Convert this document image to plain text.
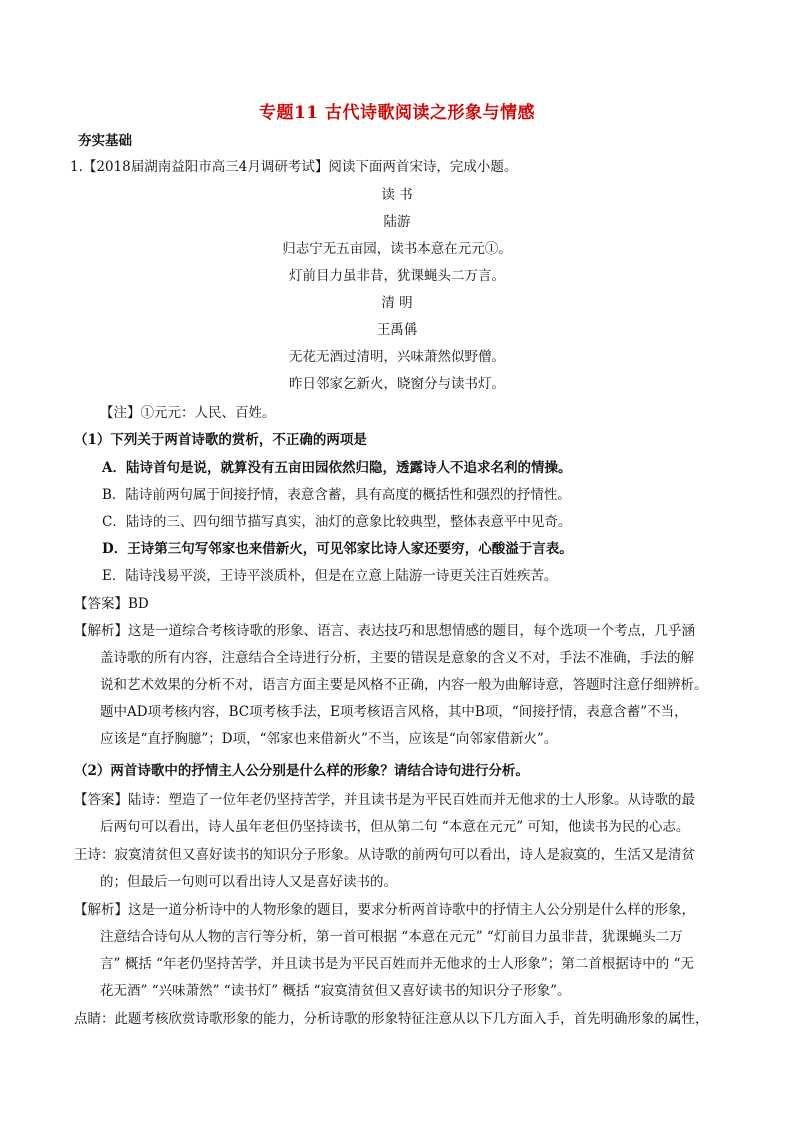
专题11 古代诗歌阅读之形象与情感
夯实基础
1.【2018届湖南益阳市高三4月调研考试】阅读下面两首宋诗，完成小题。
读 书
陆游
归志宁无五亩园，读书本意在元元①。
灯前目力虽非昔，犹课蝇头二万言。
清 明
王禹偁
无花无酒过清明，兴味萧然似野僧。
昨日邻家乞新火，晓窗分与读书灯。
【注】①元元：人民、百姓。
（1）下列关于两首诗歌的赏析，不正确的两项是
A．陆诗首句是说，就算没有五亩田园依然归隐，透露诗人不追求名利的情操。
B．陆诗前两句属于间接抒情，表意含蓄，具有高度的概括性和强烈的抒情性。
C．陆诗的三、四句细节描写真实，油灯的意象比较典型，整体表意平中见奇。
D．王诗第三句写邻家也来借新火，可见邻家比诗人家还要穷，心酸溢于言表。
E．陆诗浅易平淡，王诗平淡质朴，但是在立意上陆游一诗更关注百姓疾苦。
【答案】BD
【解析】这是一道综合考核诗歌的形象、语言、表达技巧和思想情感的题目，每个选项一个考点，几乎涵
盖诗歌的所有内容，注意结合全诗进行分析，主要的错误是意象的含义不对，手法不准确，手法的解
说和艺术效果的分析不对，语言方面主要是风格不正确，内容一般为曲解诗意，答题时注意仔细辨析。
题中AD项考核内容，BC项考核手法，E项考核语言风格，其中B项，“间接抒情，表意含蓄”不当，
应该是“直抒胸臆”；D项，“邻家也来借新火”不当，应该是“向邻家借新火”。
（2）两首诗歌中的抒情主人公分别是什么样的形象？请结合诗句进行分析。
【答案】陆诗：塑造了一位年老仍坚持苦学，并且读书是为平民百姓而并无他求的士人形象。从诗歌的最
后两句可以看出，诗人虽年老但仍坚持读书，但从第二句 “本意在元元” 可知，他读书为民的心志。
王诗：寂寞清贫但又喜好读书的知识分子形象。从诗歌的前两句可以看出，诗人是寂寞的，生活又是清贫
的；但最后一句则可以看出诗人又是喜好读书的。
【解析】这是一道分析诗中的人物形象的题目，要求分析两首诗歌中的抒情主人公分别是什么样的形象，
注意结合诗句从人物的言行等分析，第一首可根据 “本意在元元” “灯前目力虽非昔，犹课蝇头二万
言” 概括 “年老仍坚持苦学，并且读书是为平民百姓而并无他求的士人形象”；第二首根据诗中的 “无
花无酒” “兴味萧然” “读书灯” 概括 “寂寞清贫但又喜好读书的知识分子形象”。
点睛：此题考核欣赏诗歌形象的能力，分析诗歌的形象特征注意从以下几方面入手，首先明确形象的属性，
